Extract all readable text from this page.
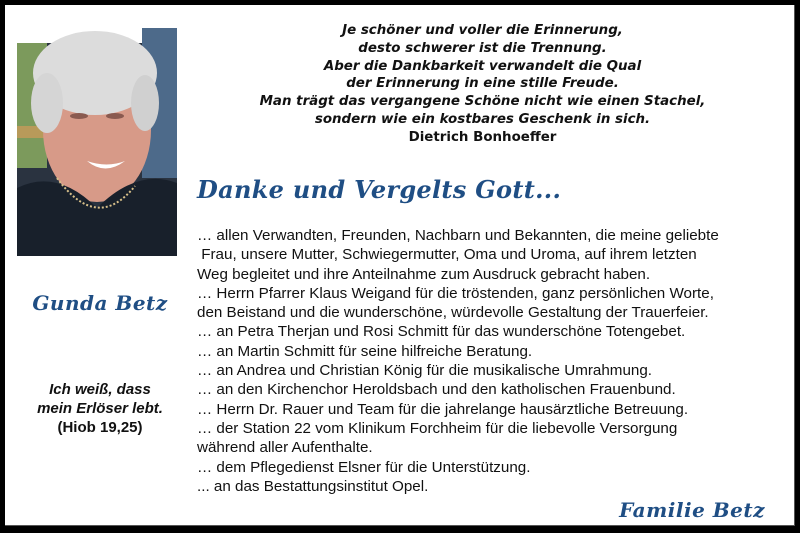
Gunda Betz
Ich weiß, dass
mein Erlöser lebt.
(Hiob 19,25)
Je schöner und voller die Erinnerung,
desto schwerer ist die Trennung.
Aber die Dankbarkeit verwandelt die Qual
der Erinnerung in eine stille Freude.
Man trägt das vergangene Schöne nicht wie einen Stachel,
sondern wie ein kostbares Geschenk in sich.
Dietrich Bonhoeffer
Danke und Vergelts Gott...
… allen Verwandten, Freunden, Nachbarn und Bekannten, die meine geliebte
Frau, unsere Mutter, Schwiegermutter, Oma und Uroma, auf ihrem letzten
Weg begleitet und ihre Anteilnahme zum Ausdruck gebracht haben.
… Herrn Pfarrer Klaus Weigand für die tröstenden, ganz persönlichen Worte,
den Beistand und die wunderschöne, würdevolle Gestaltung der Trauerfeier.
… an Petra Therjan und Rosi Schmitt für das wunderschöne Totengebet.
… an Martin Schmitt für seine hilfreiche Beratung.
… an Andrea und Christian König für die musikalische Umrahmung.
… an den Kirchenchor Heroldsbach und den katholischen Frauenbund.
… Herrn Dr. Rauer und Team für die jahrelange hausärztliche Betreuung.
… der Station 22 vom Klinikum Forchheim für die liebevolle Versorgung
während aller Aufenthalte.
… dem Pflegedienst Elsner für die Unterstützung.
... an das Bestattungsinstitut Opel.
Familie Betz
